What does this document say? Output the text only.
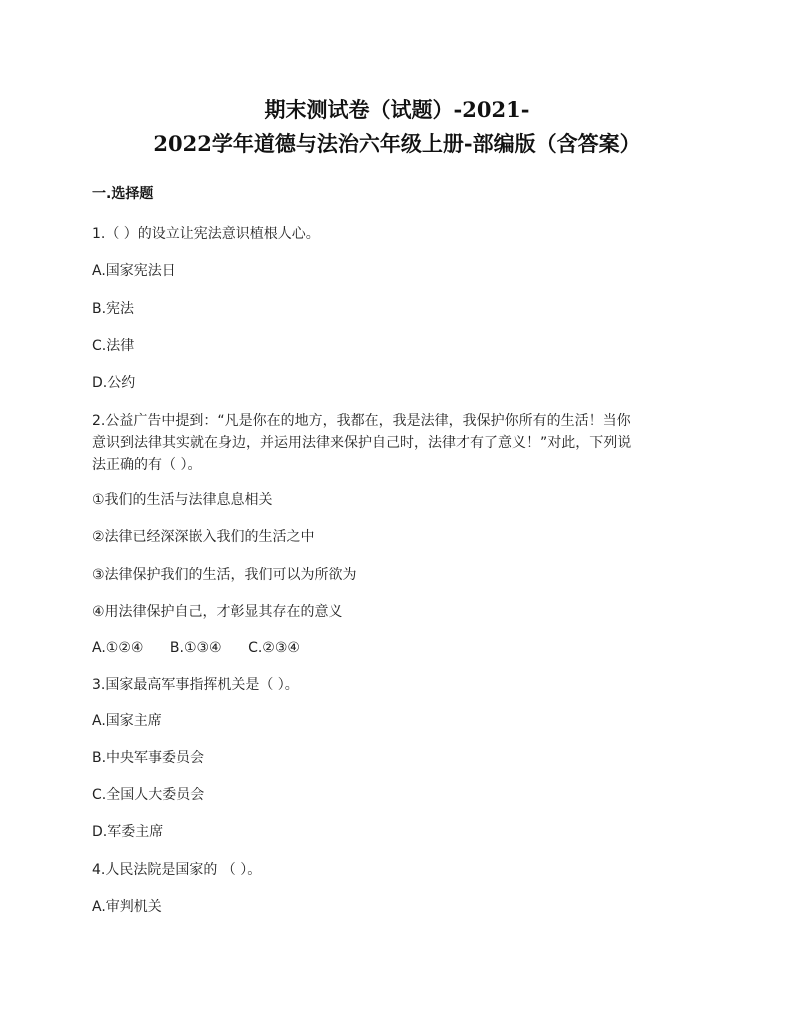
期末测试卷（试题）-2021-
2022学年道德与法治六年级上册-部编版（含答案）
一.选择题
1.（ ）的设立让宪法意识植根人心。
A.国家宪法日
B.宪法
C.法律
D.公约
2.公益广告中提到：“凡是你在的地方，我都在，我是法律，我保护你所有的生活！当你
意识到法律其实就在身边，并运用法律来保护自己时，法律才有了意义！”对此，下列说
法正确的有（ ）。
①我们的生活与法律息息相关
②法律已经深深嵌入我们的生活之中
③法律保护我们的生活，我们可以为所欲为
④用法律保护自己，才彰显其存在的意义
A.①②④ B.①③④ C.②③④
3.国家最高军事指挥机关是（ ）。
A.国家主席
B.中央军事委员会
C.全国人大委员会
D.军委主席
4.人民法院是国家的 （ ）。
A.审判机关
